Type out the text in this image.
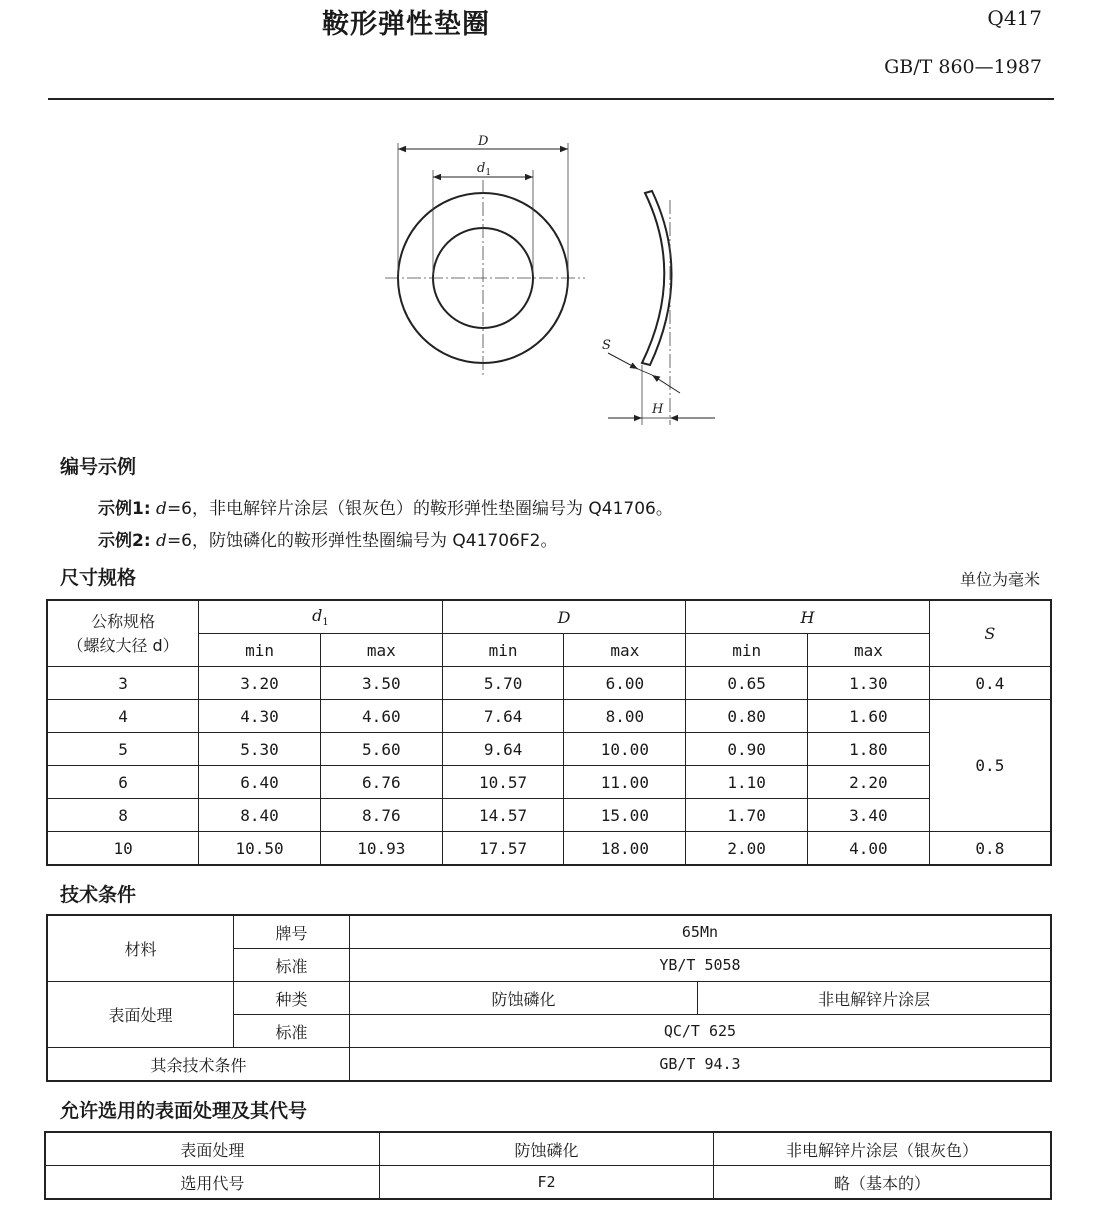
鞍形弹性垫圈	Q417
GB/T 860—1987
D
$d_1$
S
H
编号示例
示例1: d=6，非电解锌片涂层（银灰色）的鞍形弹性垫圈编号为 Q41706。
示例2: d=6，防蚀磷化的鞍形弹性垫圈编号为 Q41706F2。
尺寸规格	单位为毫米
公称规格
（螺纹大径 d）	$d_1$		D		H		S
	min	max	min	max	min	max	
3	3.20	3.50	5.70	6.00	0.65	1.30	0.4
4	4.30	4.60	7.64	8.00	0.80	1.60	0.5
5	5.30	5.60	9.64	10.00	0.90	1.80	
6	6.40	6.76	10.57	11.00	1.10	2.20	
8	8.40	8.76	14.57	15.00	1.70	3.40	
10	10.50	10.93	17.57	18.00	2.00	4.00	0.8
技术条件
材料	牌号	65Mn	
	标准	YB/T 5058	
表面处理	种类	防蚀磷化	非电解锌片涂层
	标准	QC/T 625	
其余技术条件		GB/T 94.3	
允许选用的表面处理及其代号
表面处理	防蚀磷化	非电解锌片涂层（银灰色）
选用代号	F2	略（基本的）
